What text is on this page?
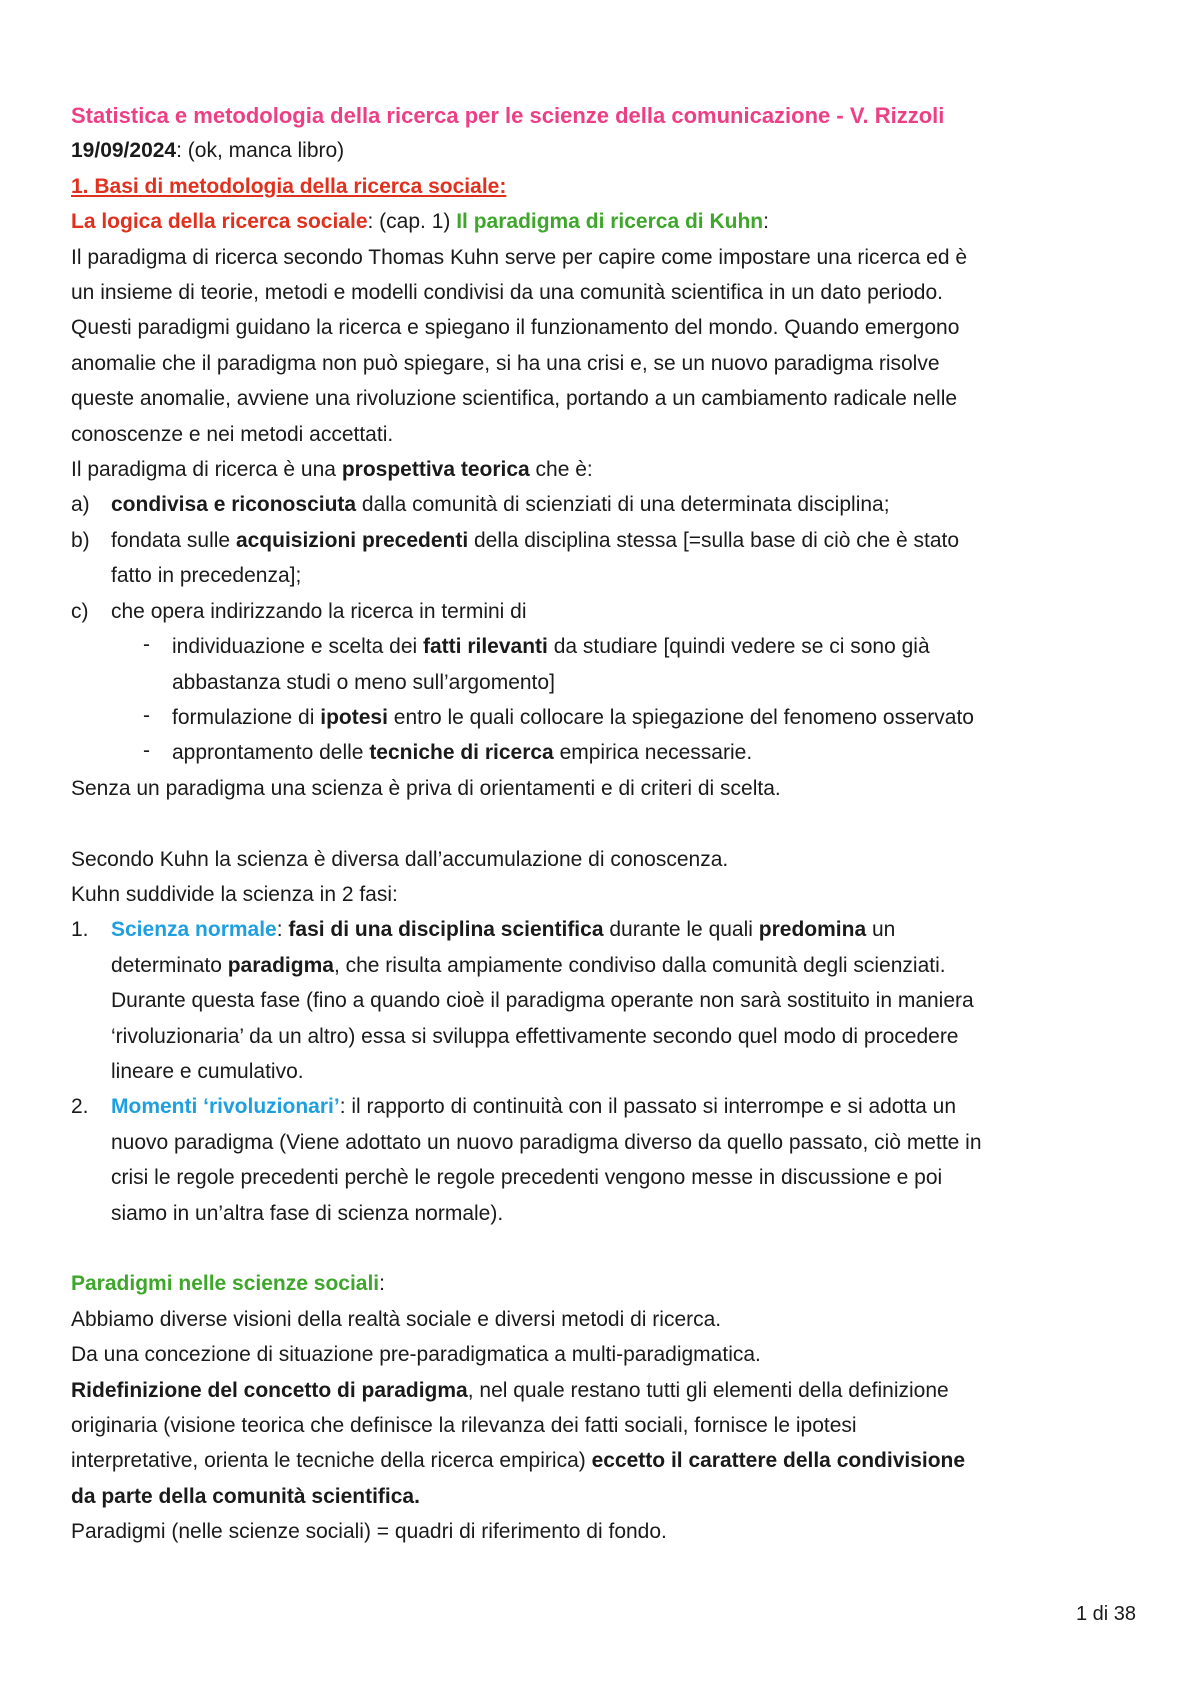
Statistica e metodologia della ricerca per le scienze della comunicazione - V. Rizzoli
19/09/2024: (ok, manca libro)
1. Basi di metodologia della ricerca sociale:
La logica della ricerca sociale: (cap. 1) Il paradigma di ricerca di Kuhn:
Il paradigma di ricerca secondo Thomas Kuhn serve per capire come impostare una ricerca ed è
un insieme di teorie, metodi e modelli condivisi da una comunità scientifica in un dato periodo.
Questi paradigmi guidano la ricerca e spiegano il funzionamento del mondo. Quando emergono
anomalie che il paradigma non può spiegare, si ha una crisi e, se un nuovo paradigma risolve
queste anomalie, avviene una rivoluzione scientifica, portando a un cambiamento radicale nelle
conoscenze e nei metodi accettati.
Il paradigma di ricerca è una prospettiva teorica che è:
a) condivisa e riconosciuta dalla comunità di scienziati di una determinata disciplina;
b) fondata sulle acquisizioni precedenti della disciplina stessa [=sulla base di ciò che è stato
fatto in precedenza];
c) che opera indirizzando la ricerca in termini di
- individuazione e scelta dei fatti rilevanti da studiare [quindi vedere se ci sono già
abbastanza studi o meno sull’argomento]
- formulazione di ipotesi entro le quali collocare la spiegazione del fenomeno osservato
- approntamento delle tecniche di ricerca empirica necessarie.
Senza un paradigma una scienza è priva di orientamenti e di criteri di scelta.
Secondo Kuhn la scienza è diversa dall’accumulazione di conoscenza.
Kuhn suddivide la scienza in 2 fasi:
1. Scienza normale: fasi di una disciplina scientifica durante le quali predomina un
determinato paradigma, che risulta ampiamente condiviso dalla comunità degli scienziati.
Durante questa fase (fino a quando cioè il paradigma operante non sarà sostituito in maniera
‘rivoluzionaria’ da un altro) essa si sviluppa effettivamente secondo quel modo di procedere
lineare e cumulativo.
2. Momenti ‘rivoluzionari’: il rapporto di continuità con il passato si interrompe e si adotta un
nuovo paradigma (Viene adottato un nuovo paradigma diverso da quello passato, ciò mette in
crisi le regole precedenti perchè le regole precedenti vengono messe in discussione e poi
siamo in un’altra fase di scienza normale).
Paradigmi nelle scienze sociali:
Abbiamo diverse visioni della realtà sociale e diversi metodi di ricerca.
Da una concezione di situazione pre-paradigmatica a multi-paradigmatica.
Ridefinizione del concetto di paradigma, nel quale restano tutti gli elementi della definizione
originaria (visione teorica che definisce la rilevanza dei fatti sociali, fornisce le ipotesi
interpretative, orienta le tecniche della ricerca empirica) eccetto il carattere della condivisione
da parte della comunità scientifica.
Paradigmi (nelle scienze sociali) = quadri di riferimento di fondo.
1 di 38
